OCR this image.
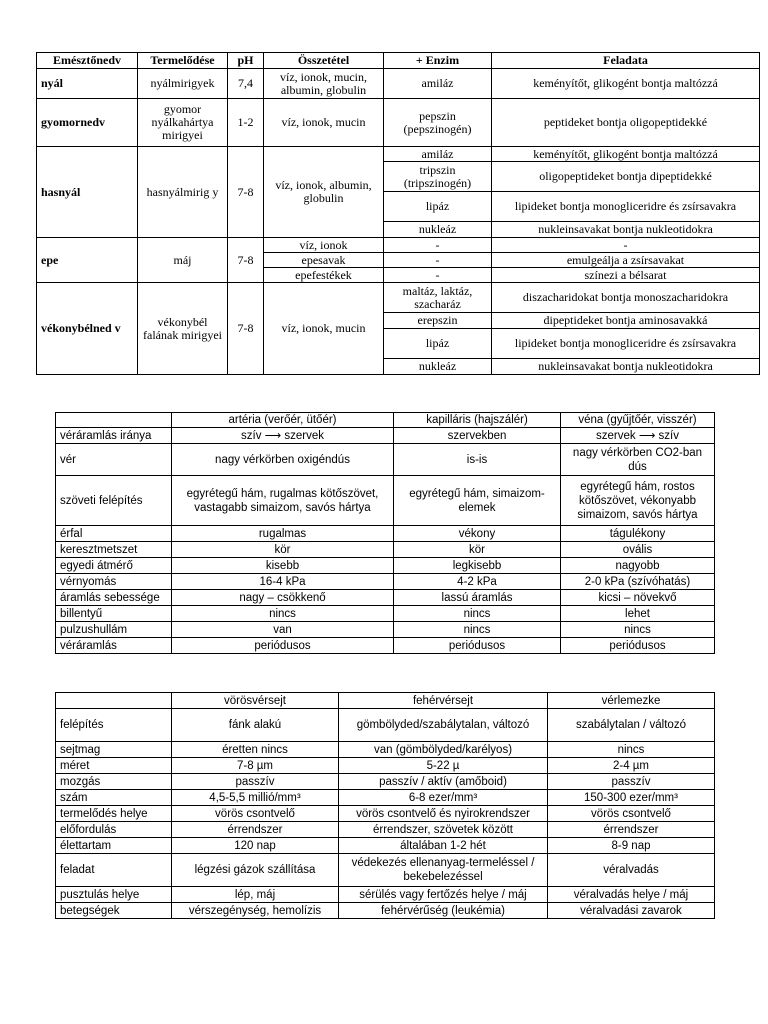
Emésztőnedv	Termelődése	pH	Összetétel	+ Enzim	Feladata
nyál	nyálmirigyek	7,4	víz, ionok, mucin, albumin, globulin	amiláz	keményítőt, glikogént bontja maltózzá
gyomornedv	gyomor nyálkahártya mirigyei	1-2	víz, ionok, mucin	pepszin (pepszinogén)	peptideket bontja oligopeptidekké
hasnyál	hasnyálmirig y	7-8	víz, ionok, albumin, globulin	amiláz	keményítőt, glikogént bontja maltózzá
				tripszin (tripszinogén)	oligopeptideket bontja dipeptidekké
				lipáz	lipideket bontja monogliceridre és zsírsavakra
				nukleáz	nukleinsavakat bontja nukleotidokra
epe	máj	7-8	víz, ionok	-	-
			epesavak	-	emulgeálja a zsírsavakat
			epefestékek	-	színezi a bélsarat
vékonybélned v	vékonybél falának mirigyei	7-8	víz, ionok, mucin	maltáz, laktáz, szacharáz	diszacharidokat bontja monoszacharidokra
				erepszin	dipeptideket bontja aminosavakká
				lipáz	lipideket bontja monogliceridre és zsírsavakra
				nukleáz	nukleinsavakat bontja nukleotidokra
	artéria (verőér, ütőér)	kapilláris (hajszálér)	véna (gyűjtőér, visszér)
véráramlás iránya	szív ⟶ szervek	szervekben	szervek ⟶ szív
vér	nagy vérkörben oxigéndús	is-is	nagy vérkörben CO2-ban dús
szöveti felépítés	egyrétegű hám, rugalmas kötőszövet, vastagabb simaizom, savós hártya	egyrétegű hám, simaizom-elemek	egyrétegű hám, rostos kötőszövet, vékonyabb simaizom, savós hártya
érfal	rugalmas	vékony	tágulékony
keresztmetszet	kör	kör	ovális
egyedi átmérő	kisebb	legkisebb	nagyobb
vérnyomás	16-4 kPa	4-2 kPa	2-0 kPa (szívóhatás)
áramlás sebessége	nagy – csökkenő	lassú áramlás	kicsi – növekvő
billentyű	nincs	nincs	lehet
pulzushullám	van	nincs	nincs
véráramlás	periódusos	periódusos	periódusos
	vörösvérsejt	fehérvérsejt	vérlemezke
felépítés	fánk alakú	gömbölyded/szabálytalan, változó	szabálytalan / változó
sejtmag	éretten nincs	van (gömbölyded/karélyos)	nincs
méret	7-8 µm	5-22 µ	2-4 µm
mozgás	passzív	passzív / aktív (amőboid)	passzív
szám	4,5-5,5 millió/mm³	6-8 ezer/mm³	150-300 ezer/mm³
termelődés helye	vörös csontvelő	vörös csontvelő és nyirokrendszer	vörös csontvelő
előfordulás	érrendszer	érrendszer, szövetek között	érrendszer
élettartam	120 nap	általában 1-2 hét	8-9 nap
feladat	légzési gázok szállítása	védekezés ellenanyag-termeléssel / bekebelezéssel	véralvadás
pusztulás helye	lép, máj	sérülés vagy fertőzés helye / máj	véralvadás helye / máj
betegségek	vérszegénység, hemolízis	fehérvérűség (leukémia)	véralvadási zavarok
